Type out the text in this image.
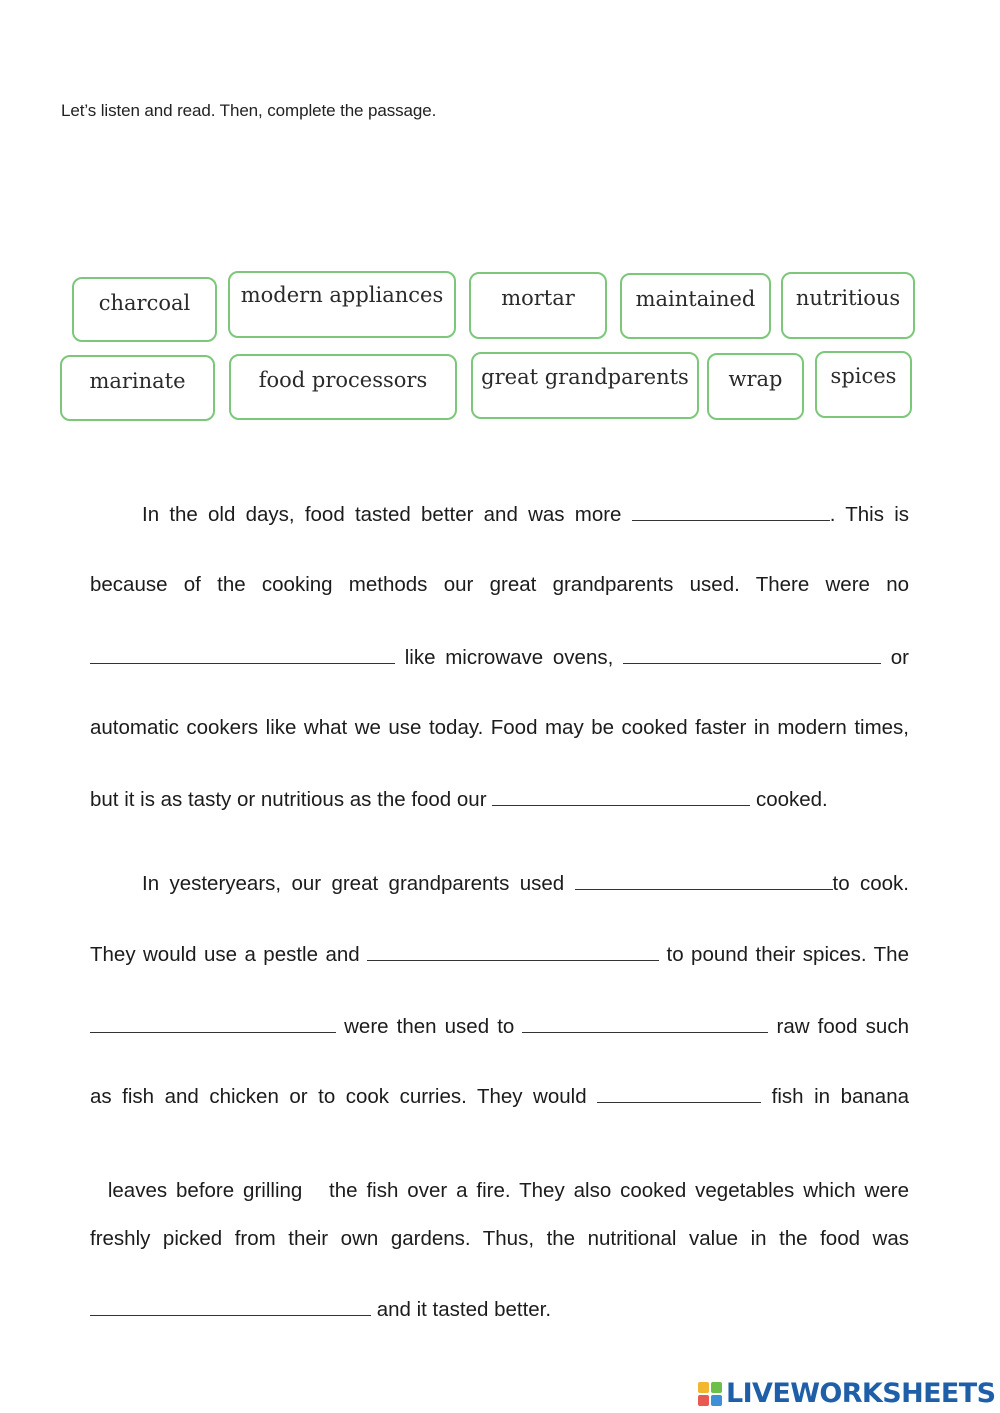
Let’s listen and read. Then, complete the passage.
charcoal	modern appliances	mortar	maintained	nutritious
marinate	food processors	great grandparents	wrap	spices

In the old days, food tasted better and was more	. This is

because of the cooking methods our great grandparents used. There were no

like microwave ovens,	or

automatic cookers like what we use today. Food may be cooked faster in modern times,

but it is as tasty or nutritious as the food our	cooked.

In yesteryears, our great grandparents used	to cook.

They would use a pestle and	to pound their spices. The

were then used to	raw food such

as fish and chicken or to cook curries. They would	fish in banana

leaves before grilling   the fish over a fire. They also cooked vegetables which were

freshly picked from their own gardens. Thus, the nutritional value in the food was

and it tasted better.

LIVEWORKSHEETS
